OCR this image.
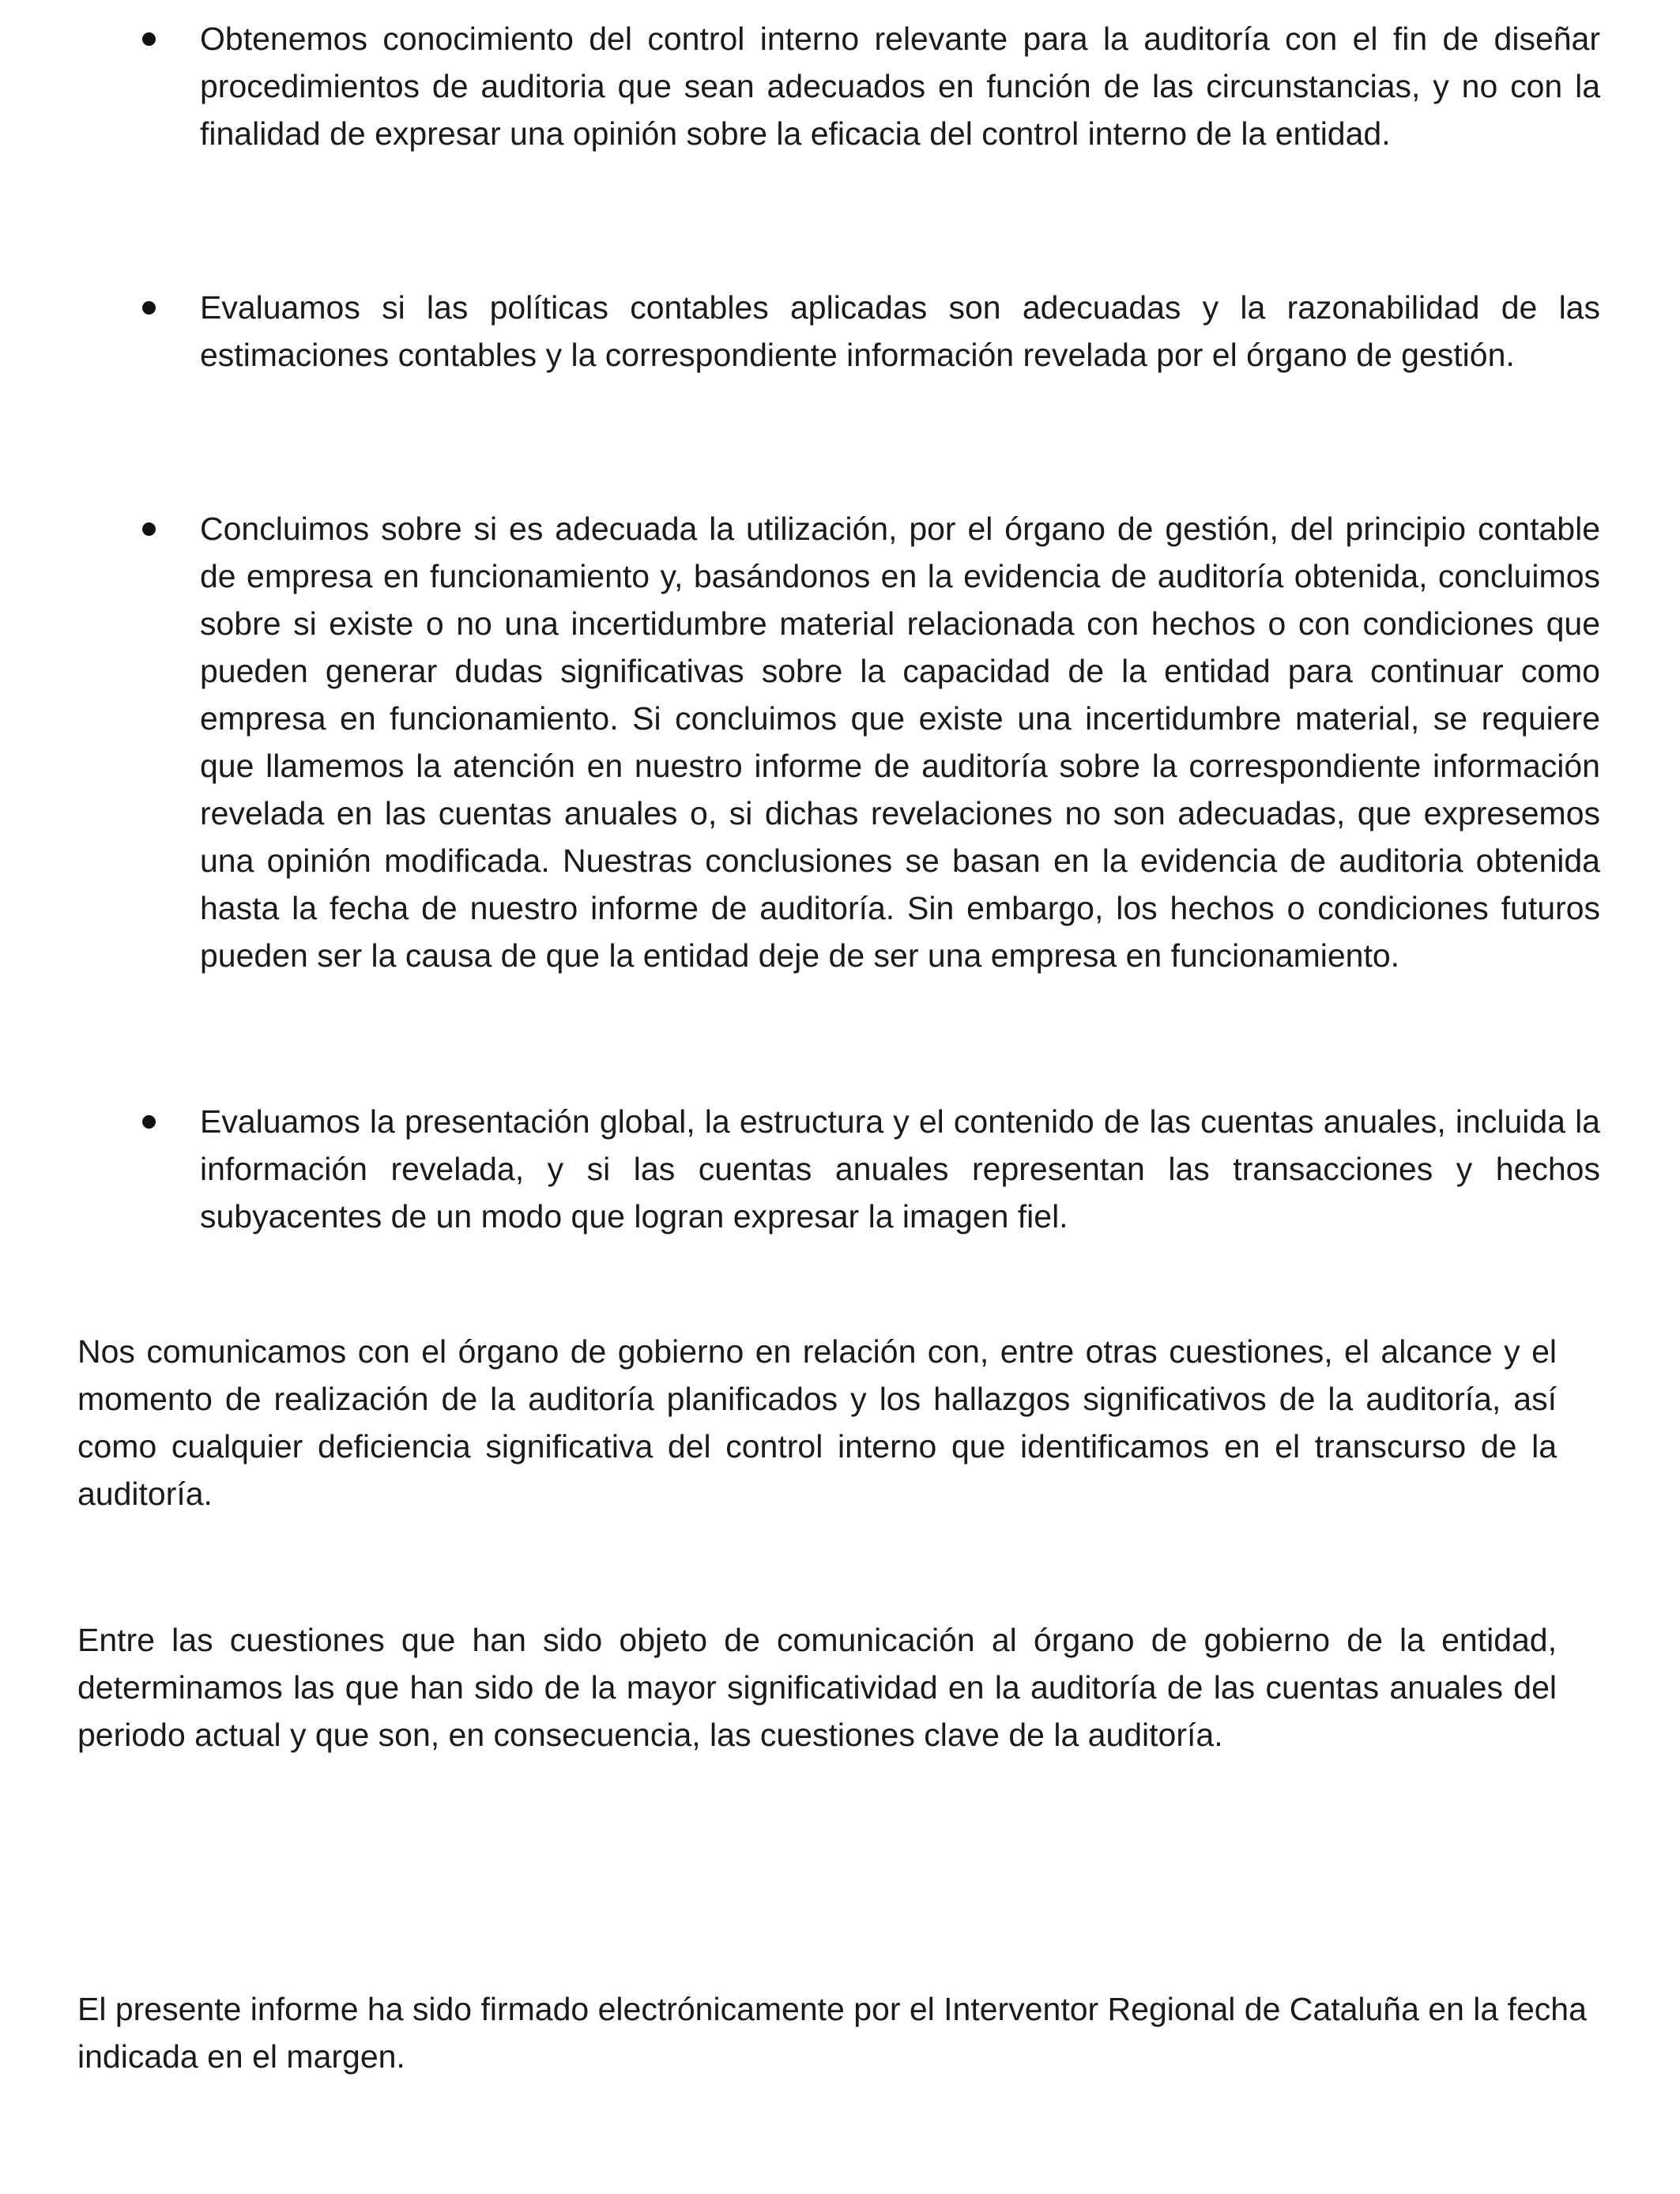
Obtenemos conocimiento del control interno relevante para la auditoría con el fin de diseñar procedimientos de auditoria que sean adecuados en función de las circunstancias, y no con la finalidad de expresar una opinión sobre la eficacia del control interno de la entidad.
Evaluamos si las políticas contables aplicadas son adecuadas y la razonabilidad de las estimaciones contables y la correspondiente información revelada por el órgano de gestión.
Concluimos sobre si es adecuada la utilización, por el órgano de gestión, del principio contable de empresa en funcionamiento y, basándonos en la evidencia de auditoría obtenida, concluimos sobre si existe o no una incertidumbre material relacionada con hechos o con condiciones que pueden generar dudas significativas sobre la capacidad de la entidad para continuar como empresa en funcionamiento. Si concluimos que existe una incertidumbre material, se requiere que llamemos la atención en nuestro informe de auditoría sobre la correspondiente información revelada en las cuentas anuales o, si dichas revelaciones no son adecuadas, que expresemos una opinión modificada. Nuestras conclusiones se basan en la evidencia de auditoria obtenida hasta la fecha de nuestro informe de auditoría. Sin embargo, los hechos o condiciones futuros pueden ser la causa de que la entidad deje de ser una empresa en funcionamiento.
Evaluamos la presentación global, la estructura y el contenido de las cuentas anuales, incluida la información revelada, y si las cuentas anuales representan las transacciones y hechos subyacentes de un modo que logran expresar la imagen fiel.
Nos comunicamos con el órgano de gobierno en relación con, entre otras cuestiones, el alcance y el momento de realización de la auditoría planificados y los hallazgos significativos de la auditoría, así como cualquier deficiencia significativa del control interno que identificamos en el transcurso de la auditoría.
Entre las cuestiones que han sido objeto de comunicación al órgano de gobierno de la entidad, determinamos las que han sido de la mayor significatividad en la auditoría de las cuentas anuales del periodo actual y que son, en consecuencia, las cuestiones clave de la auditoría.
El presente informe ha sido firmado electrónicamente por el Interventor Regional de Cataluña en la fecha indicada en el margen.
